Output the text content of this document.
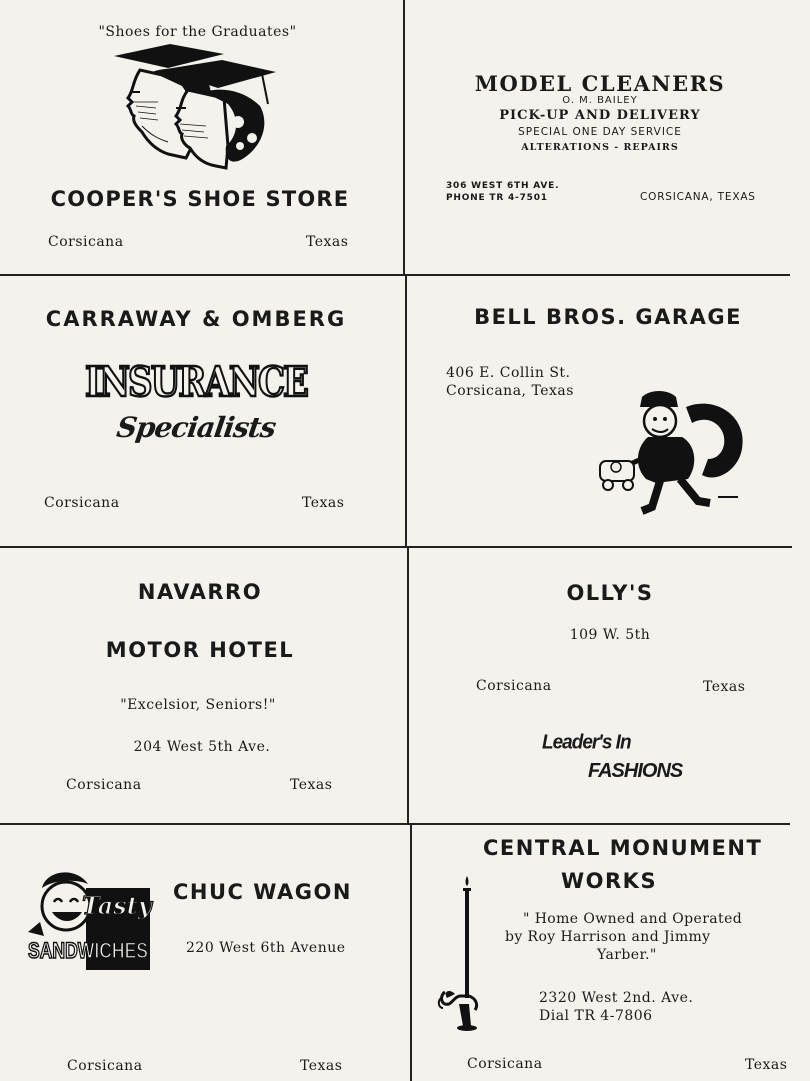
"Shoes for the Graduates"
COOPER'S SHOE STORE
Corsicana	Texas
MODEL CLEANERS
O. M. BAILEY
PICK-UP AND DELIVERY
SPECIAL ONE DAY SERVICE
ALTERATIONS - REPAIRS
306 WEST 6TH AVE.
PHONE TR 4-7501	CORSICANA, TEXAS
CARRAWAY & OMBERG
INSURANCE
Specialists
Corsicana	Texas
BELL BROS. GARAGE
406 E. Collin St.
Corsicana, Texas
NAVARRO
MOTOR HOTEL
"Excelsior, Seniors!"
204 West 5th Ave.
Corsicana	Texas
OLLY'S
109 W. 5th
Corsicana	Texas
Leader's In
FASHIONS
Tasty
SANDWICHES
CHUC WAGON
220 West 6th Avenue
Corsicana	Texas
CENTRAL MONUMENT
WORKS
" Home Owned and Operated
by Roy Harrison and Jimmy
Yarber."
2320 West 2nd. Ave.
Dial TR 4-7806
Corsicana	Texas
